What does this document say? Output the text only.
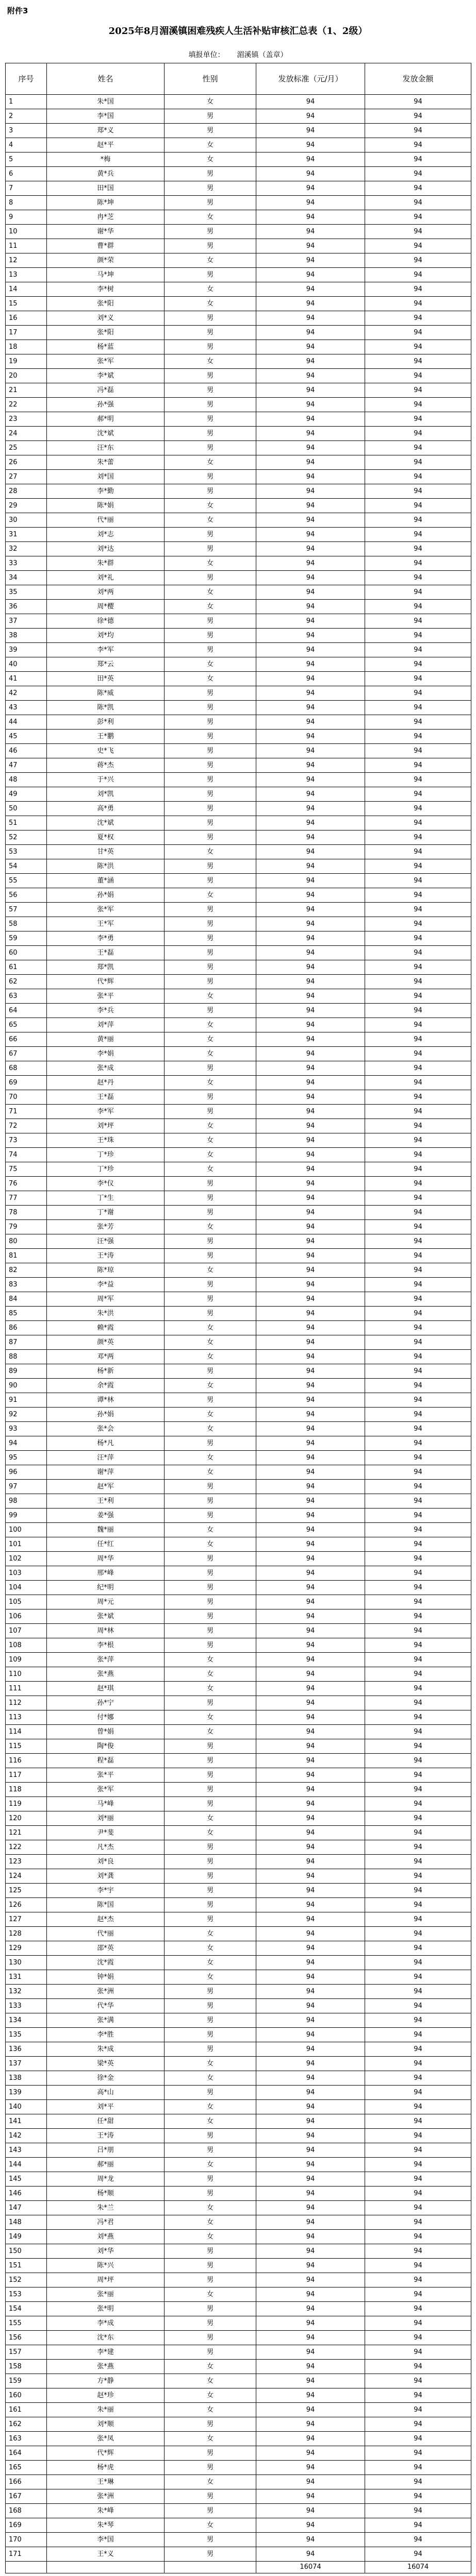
附件3
2025年8月湄溪镇困难残疾人生活补贴审核汇总表（1、2级）
填报单位： 湄溪镇（盖章）
序号	姓名	性别	发放标准（元/月）	发放金额
1	朱*国	女	94	94
2	李*国	男	94	94
3	郑*义	男	94	94
4	赵*平	女	94	94
5	*梅	女	94	94
6	黄*兵	男	94	94
7	田*国	男	94	94
8	陈*坤	男	94	94
9	冉*芝	女	94	94
10	谢*华	男	94	94
11	曹*群	男	94	94
12	颜*荣	女	94	94
13	马*坤	男	94	94
14	李*树	女	94	94
15	张*阳	女	94	94
16	刘*义	男	94	94
17	张*阳	男	94	94
18	杨*蓝	男	94	94
19	张*军	女	94	94
20	李*斌	男	94	94
21	冯*磊	男	94	94
22	孙*强	男	94	94
23	郝*明	男	94	94
24	沈*斌	男	94	94
25	汪*东	男	94	94
26	朱*蕾	女	94	94
27	刘*国	男	94	94
28	李*勤	男	94	94
29	陈*娟	女	94	94
30	代*丽	女	94	94
31	刘*志	男	94	94
32	刘*达	男	94	94
33	朱*群	女	94	94
34	刘*礼	男	94	94
35	刘*两	女	94	94
36	周*樱	女	94	94
37	徐*德	男	94	94
38	刘*均	男	94	94
39	李*军	男	94	94
40	郑*云	女	94	94
41	田*英	女	94	94
42	陈*威	男	94	94
43	陈*凯	男	94	94
44	彭*利	男	94	94
45	王*鹏	男	94	94
46	史*飞	男	94	94
47	蒋*杰	男	94	94
48	于*兴	男	94	94
49	刘*凯	男	94	94
50	高*勇	男	94	94
51	沈*斌	男	94	94
52	夏*权	男	94	94
53	甘*英	女	94	94
54	陈*洪	男	94	94
55	董*涵	男	94	94
56	孙*娟	女	94	94
57	张*军	男	94	94
58	王*军	男	94	94
59	李*勇	男	94	94
60	王*磊	男	94	94
61	郑*凯	男	94	94
62	代*辉	男	94	94
63	张*平	女	94	94
64	李*兵	男	94	94
65	刘*萍	女	94	94
66	黄*丽	女	94	94
67	李*娟	女	94	94
68	张*成	男	94	94
69	赵*丹	女	94	94
70	王*磊	男	94	94
71	李*军	男	94	94
72	刘*坪	女	94	94
73	王*珠	女	94	94
74	丁*珍	女	94	94
75	丁*珍	女	94	94
76	李*仪	男	94	94
77	丁*生	男	94	94
78	丁*谢	男	94	94
79	张*芳	女	94	94
80	汪*强	男	94	94
81	王*涛	男	94	94
82	陈*琼	女	94	94
83	李*益	男	94	94
84	周*军	男	94	94
85	朱*洪	男	94	94
86	赖*霞	女	94	94
87	颜*英	女	94	94
88	邓*两	女	94	94
89	杨*新	男	94	94
90	余*霞	女	94	94
91	谭*林	男	94	94
92	孙*娟	女	94	94
93	张*会	女	94	94
94	杨*凡	男	94	94
95	汪*萍	女	94	94
96	谢*萍	女	94	94
97	赵*军	男	94	94
98	王*利	男	94	94
99	姜*强	男	94	94
100	魏*丽	女	94	94
101	任*红	女	94	94
102	周*华	男	94	94
103	邢*峰	男	94	94
104	纪*明	男	94	94
105	周*元	男	94	94
106	张*斌	男	94	94
107	周*林	男	94	94
108	李*根	男	94	94
109	张*萍	女	94	94
110	张*燕	女	94	94
111	赵*琪	女	94	94
112	孙*宁	男	94	94
113	付*娜	女	94	94
114	曾*娟	女	94	94
115	陶*俊	男	94	94
116	程*磊	男	94	94
117	张*平	男	94	94
118	张*军	男	94	94
119	马*峰	男	94	94
120	刘*丽	女	94	94
121	尹*斐	女	94	94
122	凡*杰	男	94	94
123	刘*良	男	94	94
124	刘*龚	男	94	94
125	李*宇	男	94	94
126	陈*国	男	94	94
127	赵*杰	男	94	94
128	代*丽	女	94	94
129	邵*英	女	94	94
130	沈*霞	女	94	94
131	钟*娟	女	94	94
132	张*洲	男	94	94
133	代*华	男	94	94
134	张*满	男	94	94
135	李*胜	男	94	94
136	朱*成	男	94	94
137	梁*英	女	94	94
138	徐*金	女	94	94
139	高*山	男	94	94
140	刘*平	女	94	94
141	任*甜	女	94	94
142	王*涛	男	94	94
143	吕*朋	男	94	94
144	郝*丽	女	94	94
145	周*龙	男	94	94
146	杨*顺	男	94	94
147	朱*兰	女	94	94
148	冯*君	女	94	94
149	刘*燕	女	94	94
150	刘*华	男	94	94
151	陈*兴	男	94	94
152	周*坪	男	94	94
153	张*丽	女	94	94
154	张*明	男	94	94
155	李*成	男	94	94
156	沈*东	男	94	94
157	李*建	男	94	94
158	张*燕	女	94	94
159	方*静	女	94	94
160	赵*珍	女	94	94
161	朱*丽	女	94	94
162	刘*顺	男	94	94
163	张*凤	女	94	94
164	代*辉	男	94	94
165	杨*虎	男	94	94
166	王*琳	女	94	94
167	张*洲	男	94	94
168	朱*峰	男	94	94
169	朱*琴	女	94	94
170	李*国	男	94	94
171	王*义	男	94	94
			16074	16074
